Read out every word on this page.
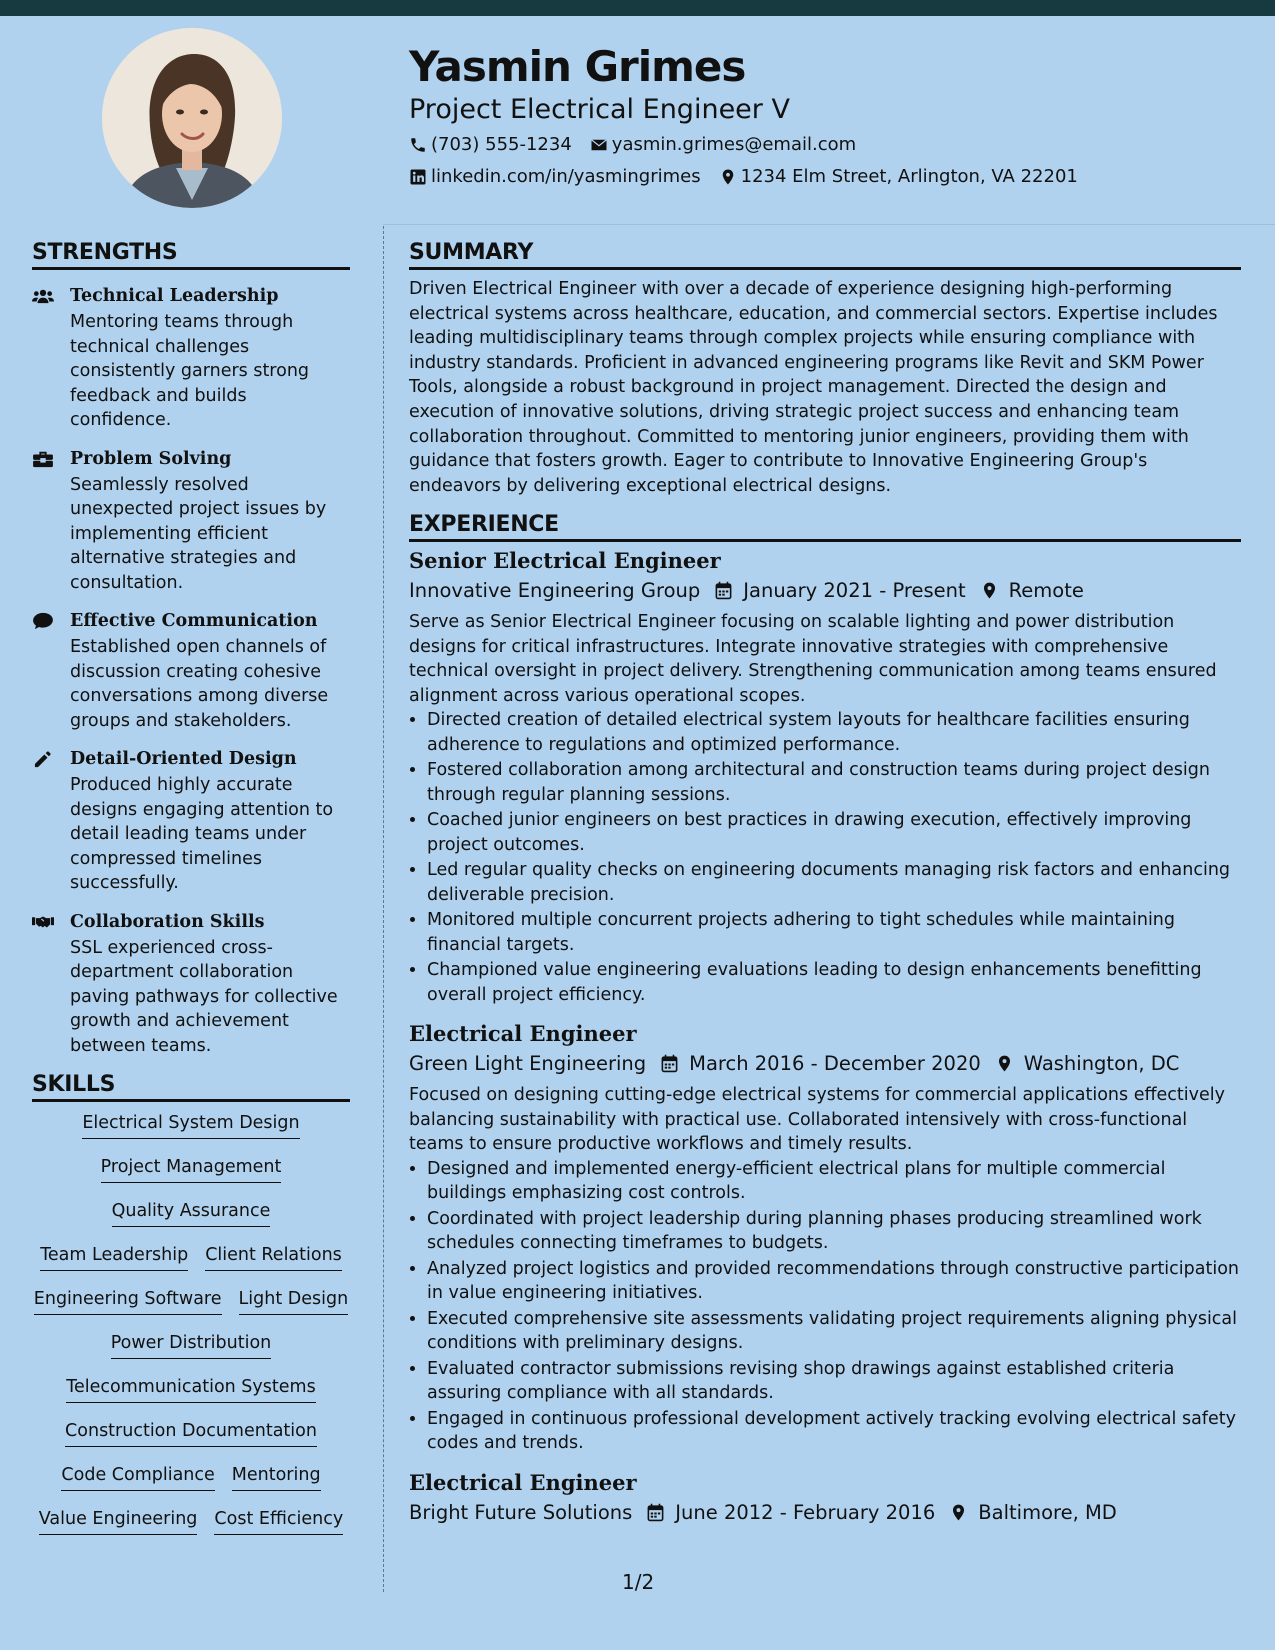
Yasmin Grimes
Project Electrical Engineer V
(703) 555-1234 yasmin.grimes@email.com
linkedin.com/in/yasmingrimes 1234 Elm Street, Arlington, VA 22201
STRENGTHS

Technical Leadership

Mentoring teams through technical challenges consistently garners strong feedback and builds confidence.

Problem Solving

Seamlessly resolved unexpected project issues by implementing efficient alternative strategies and consultation.

Effective Communication

Established open channels of discussion creating cohesive conversations among diverse groups and stakeholders.

Detail-Oriented Design

Produced highly accurate designs engaging attention to detail leading teams under compressed timelines successfully.

Collaboration Skills

SSL experienced cross-department collaboration paving pathways for collective growth and achievement between teams.

SKILLS
Electrical System Design
Project Management
Quality Assurance
Team Leadership Client Relations
Engineering Software Light Design
Power Distribution
Telecommunication Systems
Construction Documentation
Code Compliance Mentoring
Value Engineering Cost Efficiency
SUMMARY

Driven Electrical Engineer with over a decade of experience designing high-performing electrical systems across healthcare, education, and commercial sectors. Expertise includes leading multidisciplinary teams through complex projects while ensuring compliance with industry standards. Proficient in advanced engineering programs like Revit and SKM Power Tools, alongside a robust background in project management. Directed the design and execution of innovative solutions, driving strategic project success and enhancing team collaboration throughout. Committed to mentoring junior engineers, providing them with guidance that fosters growth. Eager to contribute to Innovative Engineering Group's endeavors by delivering exceptional electrical designs.

EXPERIENCE

Senior Electrical Engineer

Innovative Engineering Group January 2021 - Present Remote

Serve as Senior Electrical Engineer focusing on scalable lighting and power distribution designs for critical infrastructures. Integrate innovative strategies with comprehensive technical oversight in project delivery. Strengthening communication among teams ensured alignment across various operational scopes.

• Directed creation of detailed electrical system layouts for healthcare facilities ensuring adherence to regulations and optimized performance.
• Fostered collaboration among architectural and construction teams during project design through regular planning sessions.
• Coached junior engineers on best practices in drawing execution, effectively improving project outcomes.
• Led regular quality checks on engineering documents managing risk factors and enhancing deliverable precision.
• Monitored multiple concurrent projects adhering to tight schedules while maintaining financial targets.
• Championed value engineering evaluations leading to design enhancements benefitting overall project efficiency.

Electrical Engineer

Green Light Engineering March 2016 - December 2020 Washington, DC

Focused on designing cutting-edge electrical systems for commercial applications effectively balancing sustainability with practical use. Collaborated intensively with cross-functional teams to ensure productive workflows and timely results.

• Designed and implemented energy-efficient electrical plans for multiple commercial buildings emphasizing cost controls.
• Coordinated with project leadership during planning phases producing streamlined work schedules connecting timeframes to budgets.
• Analyzed project logistics and provided recommendations through constructive participation in value engineering initiatives.
• Executed comprehensive site assessments validating project requirements aligning physical conditions with preliminary designs.
• Evaluated contractor submissions revising shop drawings against established criteria assuring compliance with all standards.
• Engaged in continuous professional development actively tracking evolving electrical safety codes and trends.

Electrical Engineer

Bright Future Solutions June 2012 - February 2016 Baltimore, MD
1/2
